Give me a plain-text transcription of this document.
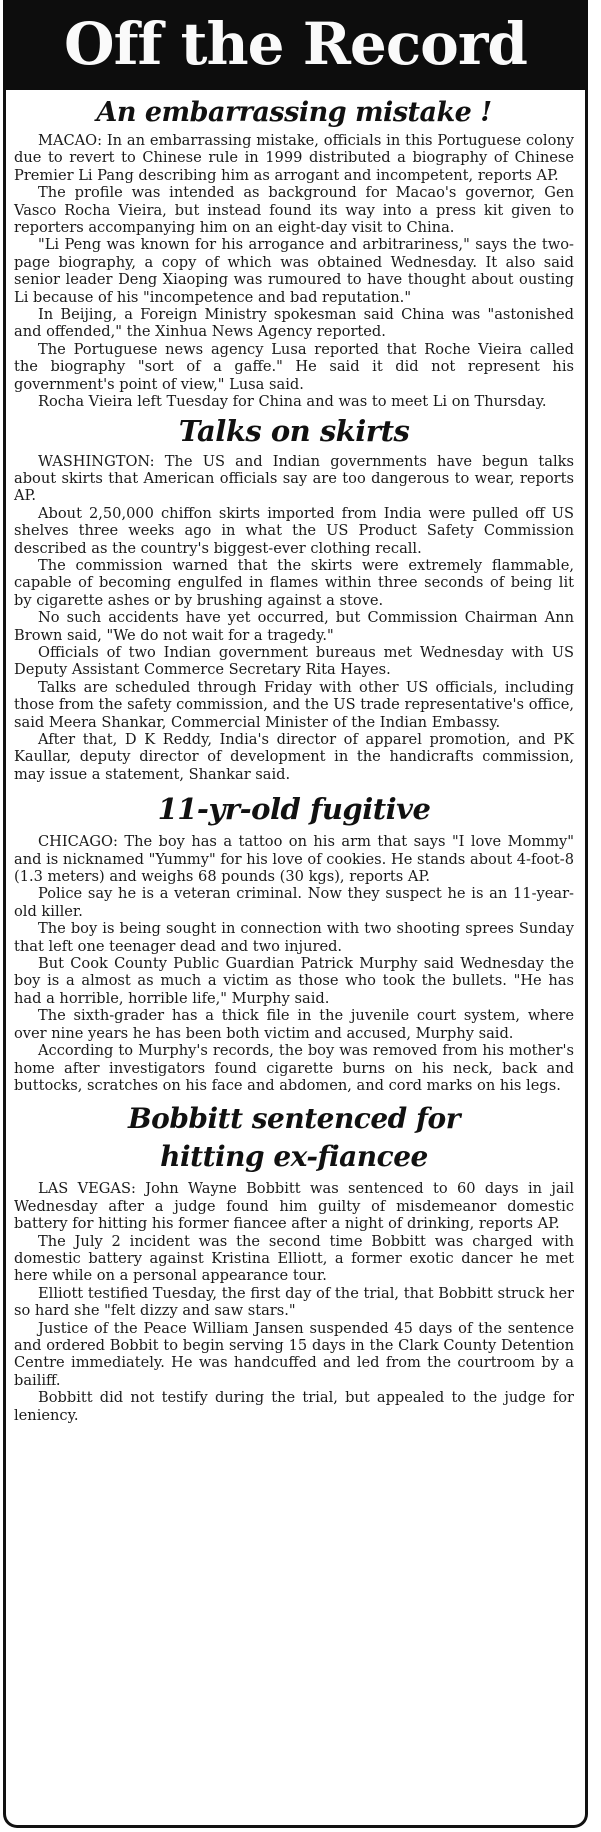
Off the Record
An embarrassing mistake !

MACAO: In an embarrassing mistake, officials in this Portuguese colony due to revert to Chinese rule in 1999 distributed a biography of Chinese Premier Li Pang describing him as arrogant and incompetent, reports AP.

The profile was intended as background for Macao's governor, Gen Vasco Rocha Vieira, but instead found its way into a press kit given to reporters accompanying him on an eight-day visit to China.

"Li Peng was known for his arrogance and arbitrariness," says the two-page biography, a copy of which was obtained Wednesday. It also said senior leader Deng Xiaoping was rumoured to have thought about ousting Li because of his "incompetence and bad reputation."

In Beijing, a Foreign Ministry spokesman said China was "astonished and offended," the Xinhua News Agency reported.

The Portuguese news agency Lusa reported that Roche Vieira called the biography "sort of a gaffe." He said it did not represent his government's point of view," Lusa said.

Rocha Vieira left Tuesday for China and was to meet Li on Thursday.

Talks on skirts

WASHINGTON: The US and Indian governments have begun talks about skirts that American officials say are too dangerous to wear, reports AP.

About 2,50,000 chiffon skirts imported from India were pulled off US shelves three weeks ago in what the US Product Safety Commission described as the country's biggest-ever clothing recall.

The commission warned that the skirts were extremely flammable, capable of becoming engulfed in flames within three seconds of being lit by cigarette ashes or by brushing against a stove.

No such accidents have yet occurred, but Commission Chairman Ann Brown said, "We do not wait for a tragedy."

Officials of two Indian government bureaus met Wednesday with US Deputy Assistant Commerce Secretary Rita Hayes.

Talks are scheduled through Friday with other US officials, including those from the safety commission, and the US trade representative's office, said Meera Shankar, Commercial Minister of the Indian Embassy.

After that, D K Reddy, India's director of apparel promotion, and PK Kaullar, deputy director of development in the handicrafts commission, may issue a statement, Shankar said.

11-yr-old fugitive

CHICAGO: The boy has a tattoo on his arm that says "I love Mommy" and is nicknamed "Yummy" for his love of cookies. He stands about 4-foot-8 (1.3 meters) and weighs 68 pounds (30 kgs), reports AP.

Police say he is a veteran criminal. Now they suspect he is an 11-year-old killer.

The boy is being sought in connection with two shooting sprees Sunday that left one teenager dead and two injured.

But Cook County Public Guardian Patrick Murphy said Wednesday the boy is a almost as much a victim as those who took the bullets. "He has had a horrible, horrible life," Murphy said.

The sixth-grader has a thick file in the juvenile court system, where over nine years he has been both victim and accused, Murphy said.

According to Murphy's records, the boy was removed from his mother's home after investigators found cigarette burns on his neck, back and buttocks, scratches on his face and abdomen, and cord marks on his legs.

Bobbitt sentenced for
hitting ex-fiancee

LAS VEGAS: John Wayne Bobbitt was sentenced to 60 days in jail Wednesday after a judge found him guilty of misdemeanor domestic battery for hitting his former fiancee after a night of drinking, reports AP.

The July 2 incident was the second time Bobbitt was charged with domestic battery against Kristina Elliott, a former exotic dancer he met here while on a personal appearance tour.

Elliott testified Tuesday, the first day of the trial, that Bobbitt struck her so hard she "felt dizzy and saw stars."

Justice of the Peace William Jansen suspended 45 days of the sentence and ordered Bobbit to begin serving 15 days in the Clark County Detention Centre immediately. He was handcuffed and led from the courtroom by a bailiff.

Bobbitt did not testify during the trial, but appealed to the judge for leniency.
